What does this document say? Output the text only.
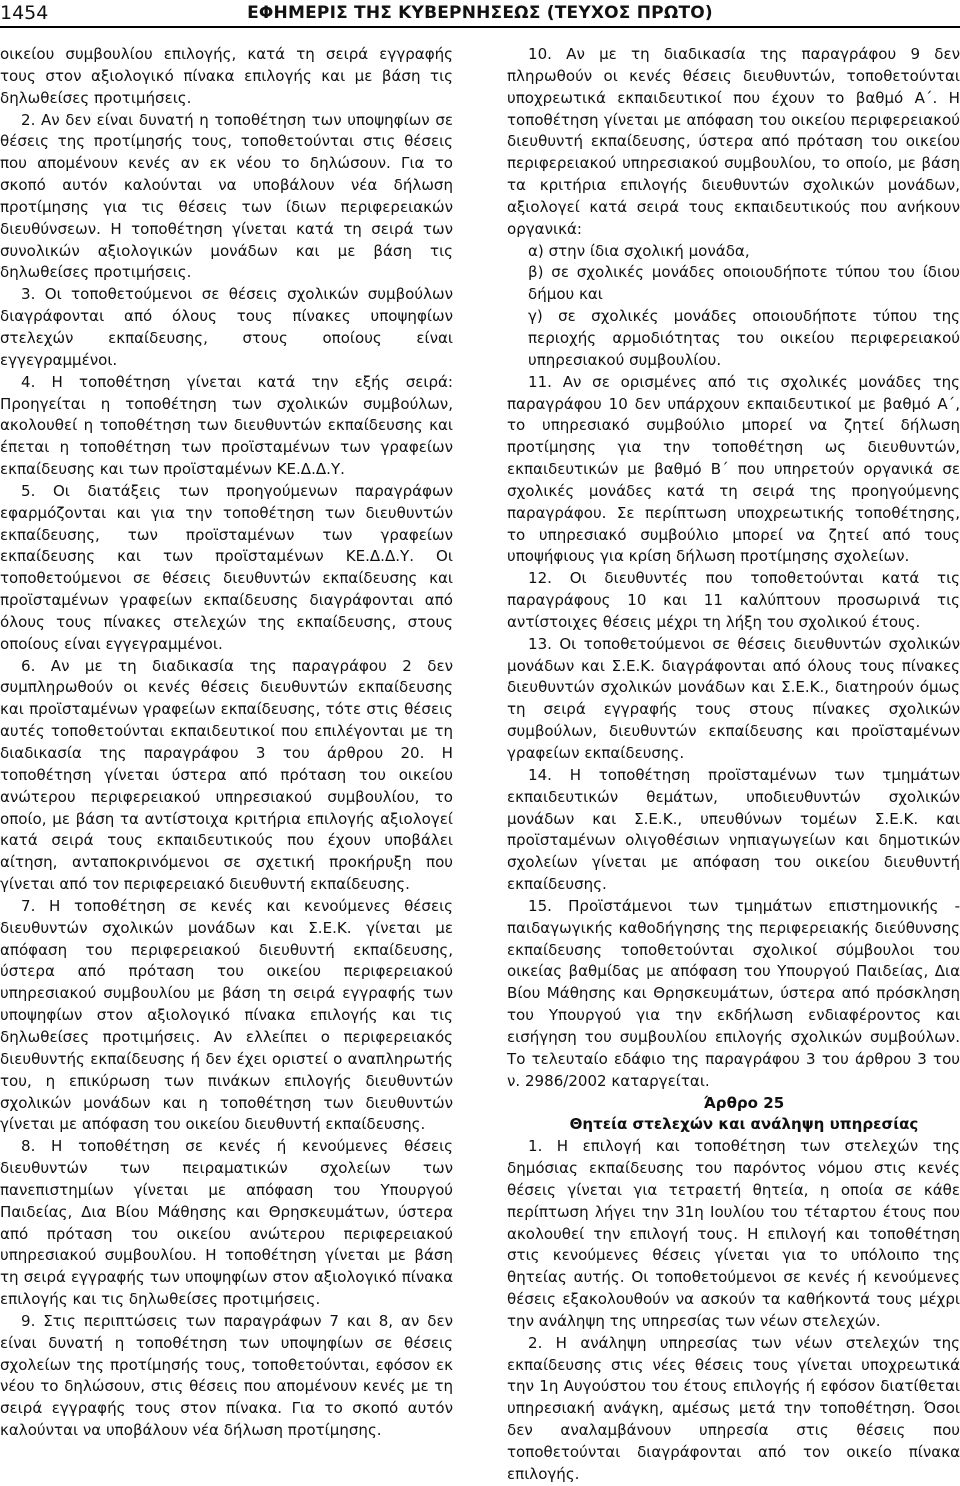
1454	ΕΦΗΜΕΡΙΣ ΤΗΣ ΚΥΒΕΡΝΗΣΕΩΣ (ΤΕΥΧΟΣ ΠΡΩΤΟ)

οικείου συμβουλίου επιλογής, κατά τη σειρά εγγραφής τους στον αξιολογικό πίνακα επιλογής και με βάση τις δηλωθείσες προτιμήσεις.

2. Αν δεν είναι δυνατή η τοποθέτηση των υποψηφίων σε θέσεις της προτίμησής τους, τοποθετούνται στις θέσεις που απομένουν κενές αν εκ νέου το δηλώσουν. Για το σκοπό αυτόν καλούνται να υποβάλουν νέα δήλωση προτίμησης για τις θέσεις των ίδιων περιφερειακών διευθύνσεων. Η τοποθέτηση γίνεται κατά τη σειρά των συνολικών αξιολογικών μονάδων και με βάση τις δηλωθείσες προτιμήσεις.

3. Οι τοποθετούμενοι σε θέσεις σχολικών συμβούλων διαγράφονται από όλους τους πίνακες υποψηφίων στελεχών εκπαίδευσης, στους οποίους είναι εγγεγραμμένοι.

4. Η τοποθέτηση γίνεται κατά την εξής σειρά: Προηγείται η τοποθέτηση των σχολικών συμβούλων, ακολουθεί η τοποθέτηση των διευθυντών εκπαίδευσης και έπεται η τοποθέτηση των προϊσταμένων των γραφείων εκπαίδευσης και των προϊσταμένων ΚΕ.Δ.Δ.Υ.

5. Οι διατάξεις των προηγούμενων παραγράφων εφαρμόζονται και για την τοποθέτηση των διευθυντών εκπαίδευσης, των προϊσταμένων των γραφείων εκπαίδευσης και των προϊσταμένων ΚΕ.Δ.Δ.Υ. Οι τοποθετούμενοι σε θέσεις διευθυντών εκπαίδευσης και προϊσταμένων γραφείων εκπαίδευσης διαγράφονται από όλους τους πίνακες στελεχών της εκπαίδευσης, στους οποίους είναι εγγεγραμμένοι.

6. Αν με τη διαδικασία της παραγράφου 2 δεν συμπληρωθούν οι κενές θέσεις διευθυντών εκπαίδευσης και προϊσταμένων γραφείων εκπαίδευσης, τότε στις θέσεις αυτές τοποθετούνται εκπαιδευτικοί που επιλέγονται με τη διαδικασία της παραγράφου 3 του άρθρου 20. Η τοποθέτηση γίνεται ύστερα από πρόταση του οικείου ανώτερου περιφερειακού υπηρεσιακού συμβουλίου, το οποίο, με βάση τα αντίστοιχα κριτήρια επιλογής αξιολογεί κατά σειρά τους εκπαιδευτικούς που έχουν υποβάλει αίτηση, ανταποκρινόμενοι σε σχετική προκήρυξη που γίνεται από τον περιφερειακό διευθυντή εκπαίδευσης.

7. Η τοποθέτηση σε κενές και κενούμενες θέσεις διευθυντών σχολικών μονάδων και Σ.Ε.Κ. γίνεται με απόφαση του περιφερειακού διευθυντή εκπαίδευσης, ύστερα από πρόταση του οικείου περιφερειακού υπηρεσιακού συμβουλίου με βάση τη σειρά εγγραφής των υποψηφίων στον αξιολογικό πίνακα επιλογής και τις δηλωθείσες προτιμήσεις. Αν ελλείπει ο περιφερειακός διευθυντής εκπαίδευσης ή δεν έχει οριστεί ο αναπληρωτής του, η επικύρωση των πινάκων επιλογής διευθυντών σχολικών μονάδων και η τοποθέτηση των διευθυντών γίνεται με απόφαση του οικείου διευθυντή εκπαίδευσης.

8. Η τοποθέτηση σε κενές ή κενούμενες θέσεις διευθυντών των πειραματικών σχολείων των πανεπιστημίων γίνεται με απόφαση του Υπουργού Παιδείας, Δια Βίου Μάθησης και Θρησκευμάτων, ύστερα από πρόταση του οικείου ανώτερου περιφερειακού υπηρεσιακού συμβουλίου. Η τοποθέτηση γίνεται με βάση τη σειρά εγγραφής των υποψηφίων στον αξιολογικό πίνακα επιλογής και τις δηλωθείσες προτιμήσεις.

9. Στις περιπτώσεις των παραγράφων 7 και 8, αν δεν είναι δυνατή η τοποθέτηση των υποψηφίων σε θέσεις σχολείων της προτίμησής τους, τοποθετούνται, εφόσον εκ νέου το δηλώσουν, στις θέσεις που απομένουν κενές με τη σειρά εγγραφής τους στον πίνακα. Για το σκοπό αυτόν καλούνται να υποβάλουν νέα δήλωση προτίμησης.

10. Αν με τη διαδικασία της παραγράφου 9 δεν πληρωθούν οι κενές θέσεις διευθυντών, τοποθετούνται υποχρεωτικά εκπαιδευτικοί που έχουν το βαθμό Α΄. Η τοποθέτηση γίνεται με απόφαση του οικείου περιφερειακού διευθυντή εκπαίδευσης, ύστερα από πρόταση του οικείου περιφερειακού υπηρεσιακού συμβουλίου, το οποίο, με βάση τα κριτήρια επιλογής διευθυντών σχολικών μονάδων, αξιολογεί κατά σειρά τους εκπαιδευτικούς που ανήκουν οργανικά:

α) στην ίδια σχολική μονάδα,

β) σε σχολικές μονάδες οποιουδήποτε τύπου του ίδιου δήμου και

γ) σε σχολικές μονάδες οποιουδήποτε τύπου της περιοχής αρμοδιότητας του οικείου περιφερειακού υπηρεσιακού συμβουλίου.

11. Αν σε ορισμένες από τις σχολικές μονάδες της παραγράφου 10 δεν υπάρχουν εκπαιδευτικοί με βαθμό Α΄, το υπηρεσιακό συμβούλιο μπορεί να ζητεί δήλωση προτίμησης για την τοποθέτηση ως διευθυντών, εκπαιδευτικών με βαθμό Β΄ που υπηρετούν οργανικά σε σχολικές μονάδες κατά τη σειρά της προηγούμενης παραγράφου. Σε περίπτωση υποχρεωτικής τοποθέτησης, το υπηρεσιακό συμβούλιο μπορεί να ζητεί από τους υποψήφιους για κρίση δήλωση προτίμησης σχολείων.

12. Οι διευθυντές που τοποθετούνται κατά τις παραγράφους 10 και 11 καλύπτουν προσωρινά τις αντίστοιχες θέσεις μέχρι τη λήξη του σχολικού έτους.

13. Οι τοποθετούμενοι σε θέσεις διευθυντών σχολικών μονάδων και Σ.Ε.Κ. διαγράφονται από όλους τους πίνακες διευθυντών σχολικών μονάδων και Σ.Ε.Κ., διατηρούν όμως τη σειρά εγγραφής τους στους πίνακες σχολικών συμβούλων, διευθυντών εκπαίδευσης και προϊσταμένων γραφείων εκπαίδευσης.

14. Η τοποθέτηση προϊσταμένων των τμημάτων εκπαιδευτικών θεμάτων, υποδιευθυντών σχολικών μονάδων και Σ.Ε.Κ., υπευθύνων τομέων Σ.Ε.Κ. και προϊσταμένων ολιγοθέσιων νηπιαγωγείων και δημοτικών σχολείων γίνεται με απόφαση του οικείου διευθυντή εκπαίδευσης.

15. Προϊστάμενοι των τμημάτων επιστημονικής - παιδαγωγικής καθοδήγησης της περιφερειακής διεύθυνσης εκπαίδευσης τοποθετούνται σχολικοί σύμβουλοι του οικείας βαθμίδας με απόφαση του Υπουργού Παιδείας, Δια Βίου Μάθησης και Θρησκευμάτων, ύστερα από πρόσκληση του Υπουργού για την εκδήλωση ενδιαφέροντος και εισήγηση του συμβουλίου επιλογής σχολικών συμβούλων. Το τελευταίο εδάφιο της παραγράφου 3 του άρθρου 3 του ν. 2986/2002 καταργείται.

Άρθρο 25

Θητεία στελεχών και ανάληψη υπηρεσίας

1. Η επιλογή και τοποθέτηση των στελεχών της δημόσιας εκπαίδευσης του παρόντος νόμου στις κενές θέσεις γίνεται για τετραετή θητεία, η οποία σε κάθε περίπτωση λήγει την 31η Ιουλίου του τέταρτου έτους που ακολουθεί την επιλογή τους. Η επιλογή και τοποθέτηση στις κενούμενες θέσεις γίνεται για το υπόλοιπο της θητείας αυτής. Οι τοποθετούμενοι σε κενές ή κενούμενες θέσεις εξακολουθούν να ασκούν τα καθήκοντά τους μέχρι την ανάληψη της υπηρεσίας των νέων στελεχών.

2. Η ανάληψη υπηρεσίας των νέων στελεχών της εκπαίδευσης στις νέες θέσεις τους γίνεται υποχρεωτικά την 1η Αυγούστου του έτους επιλογής ή εφόσον διατίθεται υπηρεσιακή ανάγκη, αμέσως μετά την τοποθέτηση. Όσοι δεν αναλαμβάνουν υπηρεσία στις θέσεις που τοποθετούνται διαγράφονται από τον οικείο πίνακα επιλογής.
